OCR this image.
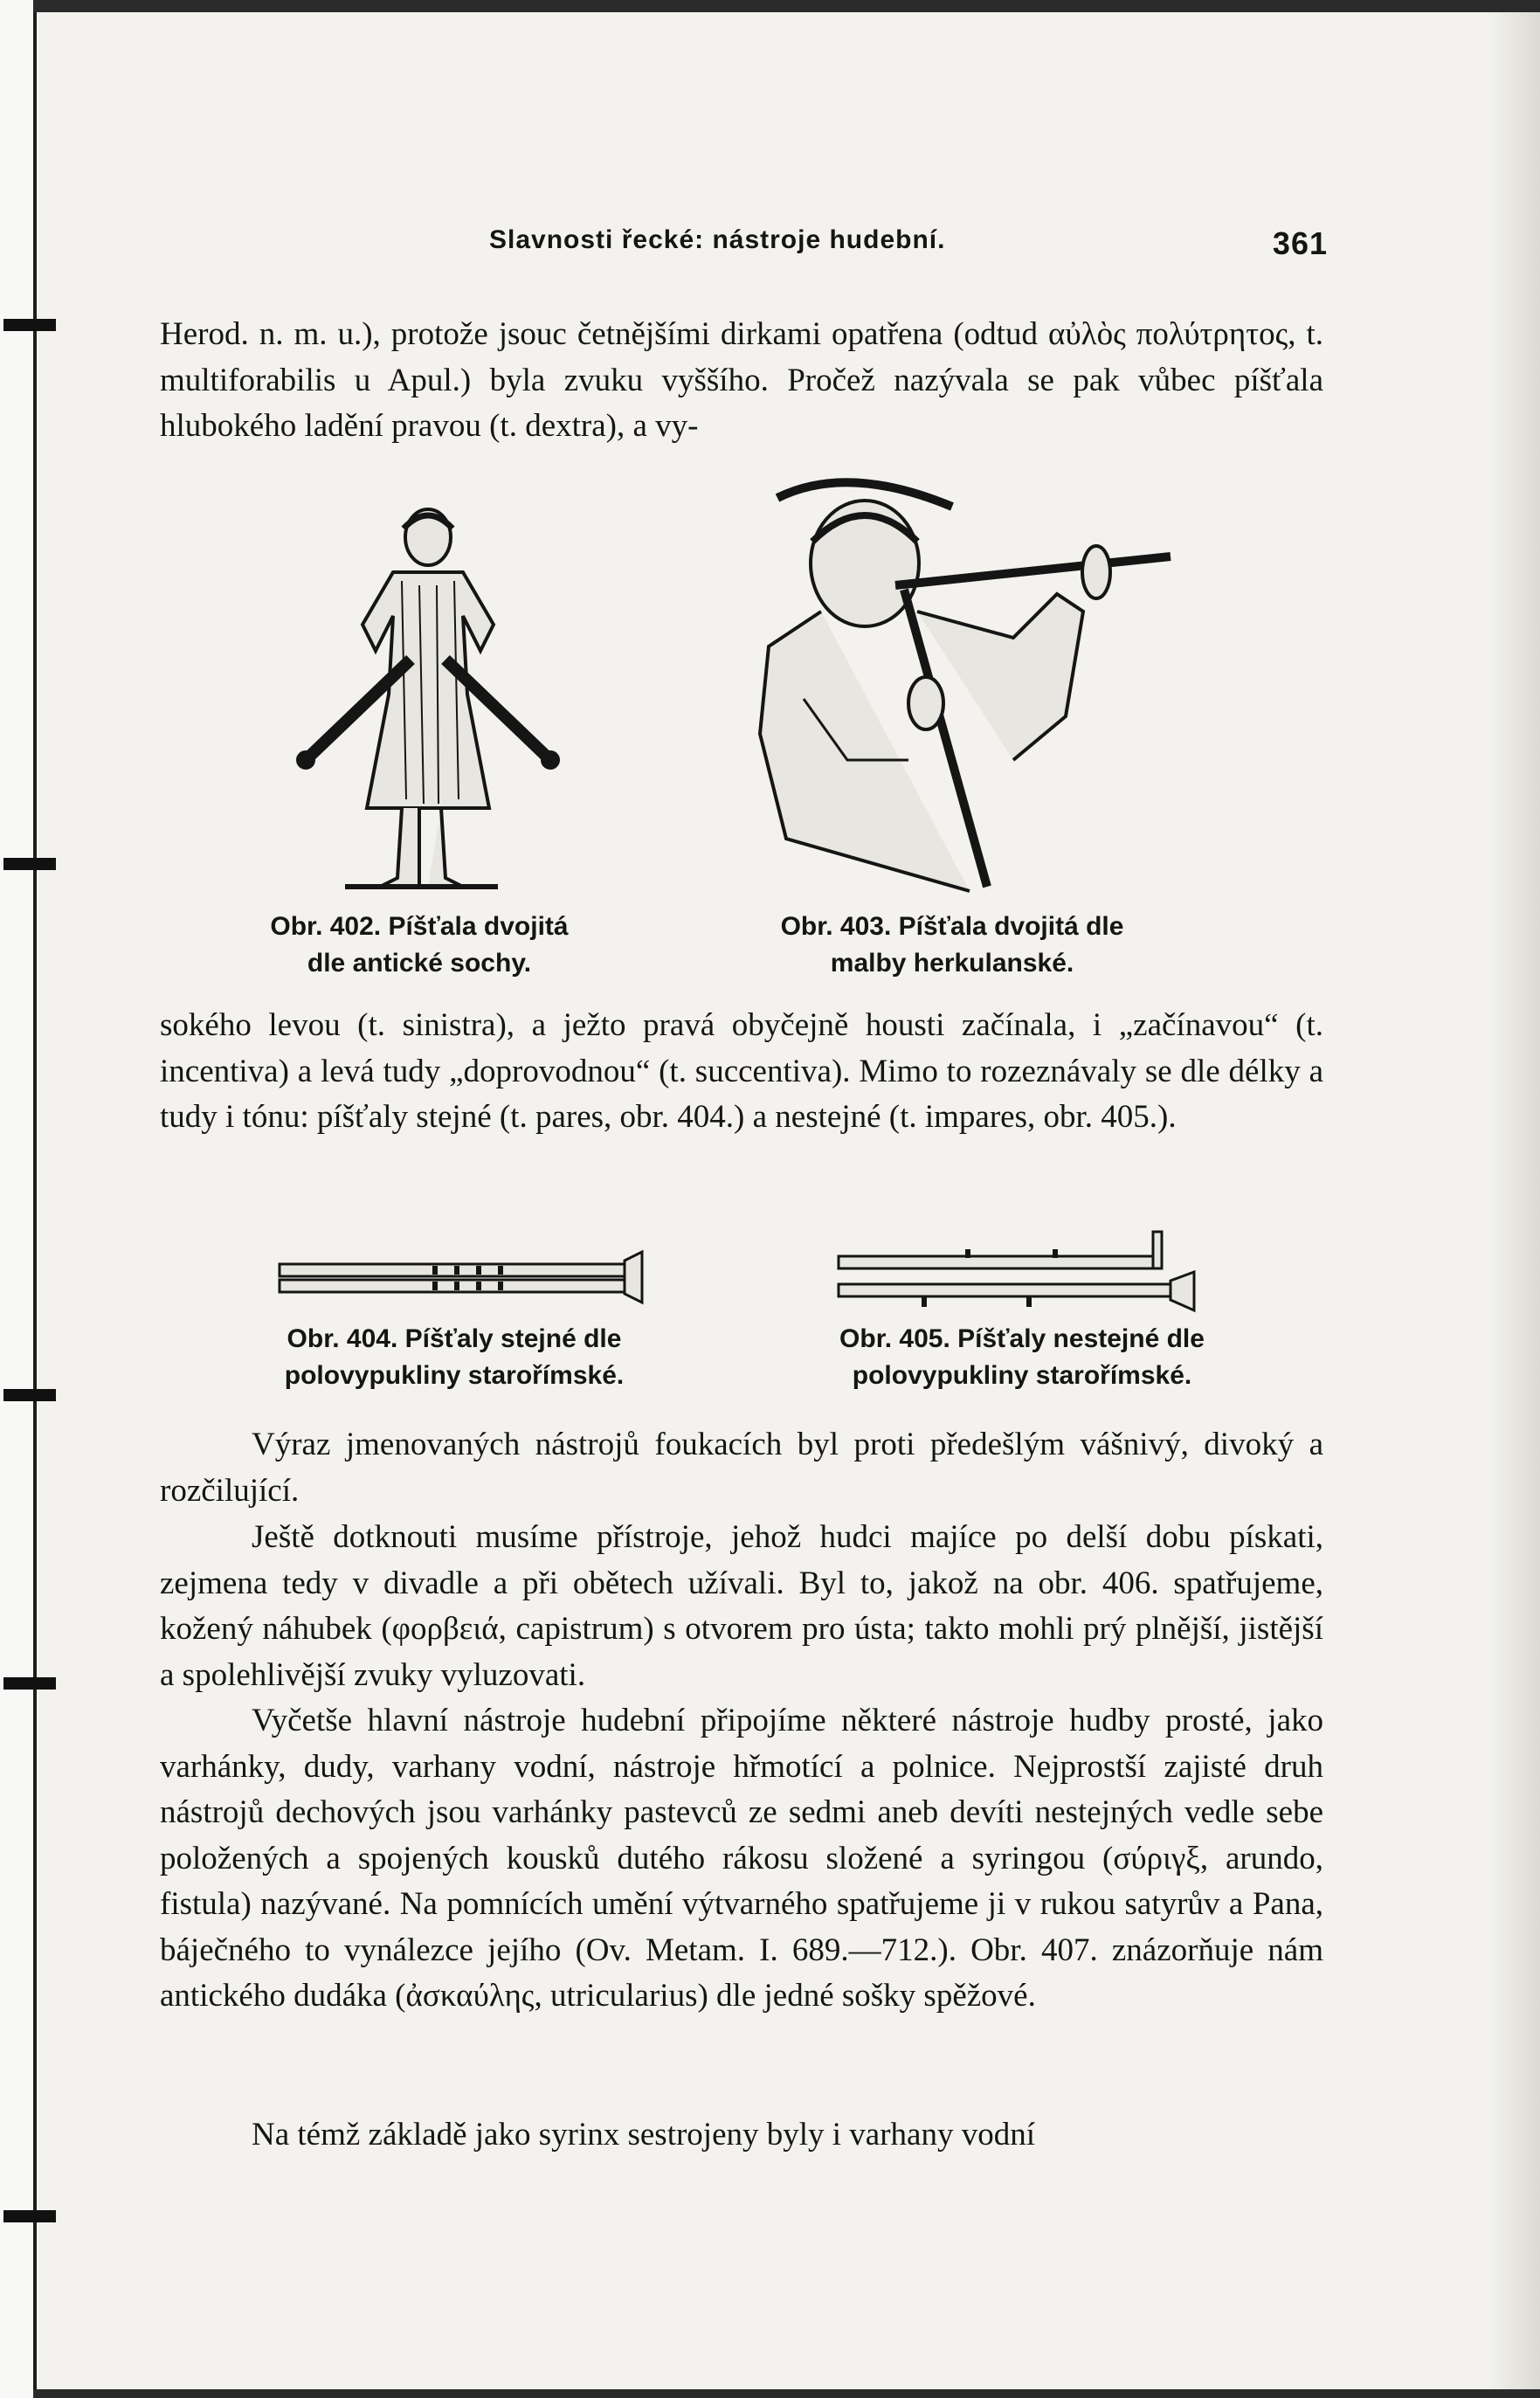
Slavnosti řecké: nástroje hudební.	361
Herod. n. m. u.), protože jsouc četnějšími dirkami opatřena (odtud αὐλὸς πολύτρητος, t. multiforabilis u Apul.) byla zvuku vyššího. Pročež nazývala se pak vůbec píšťala hlubokého ladění pravou (t. dextra), a vy-
Obr. 402. Píšťala dvojitá
dle antické sochy.
Obr. 403. Píšťala dvojitá dle
malby herkulanské.
sokého levou (t. sinistra), a ježto pravá obyčejně housti začínala, i „začínavou“ (t. incentiva) a levá tudy „doprovodnou“ (t. succentiva). Mimo to rozeznávaly se dle délky a tudy i tónu: píšťaly stejné (t. pares, obr. 404.) a nestejné (t. impares, obr. 405.).
Obr. 404. Píšťaly stejné dle
polovypukliny starořímské.
Obr. 405. Píšťaly nestejné dle
polovypukliny starořímské.
Výraz jmenovaných nástrojů foukacích byl proti předešlým vášnivý, divoký a rozčilující.
Ještě dotknouti musíme přístroje, jehož hudci majíce po delší dobu pískati, zejmena tedy v divadle a při obětech užívali. Byl to, jakož na obr. 406. spatřujeme, kožený náhubek (φορβειά, capistrum) s otvorem pro ústa; takto mohli prý plnější, jistější a spolehlivější zvuky vyluzovati.
Vyčetše hlavní nástroje hudební připojíme některé nástroje hudby prosté, jako varhánky, dudy, varhany vodní, nástroje hřmotící a polnice. Nejprostší zajisté druh nástrojů dechových jsou varhánky pastevců ze sedmi aneb devíti nestejných vedle sebe položených a spojených kousků dutého rákosu složené a syringou (σύριγξ, arundo, fistula) nazývané. Na pomnících umění výtvarného spatřujeme ji v rukou satyrův a Pana, báječného to vynálezce jejího (Ov. Metam. I. 689.—712.). Obr. 407. znázorňuje nám antického dudáka (ἀσκαύλης, utricularius) dle jedné sošky spěžové.
Na témž základě jako syrinx sestrojeny byly i varhany vodní
